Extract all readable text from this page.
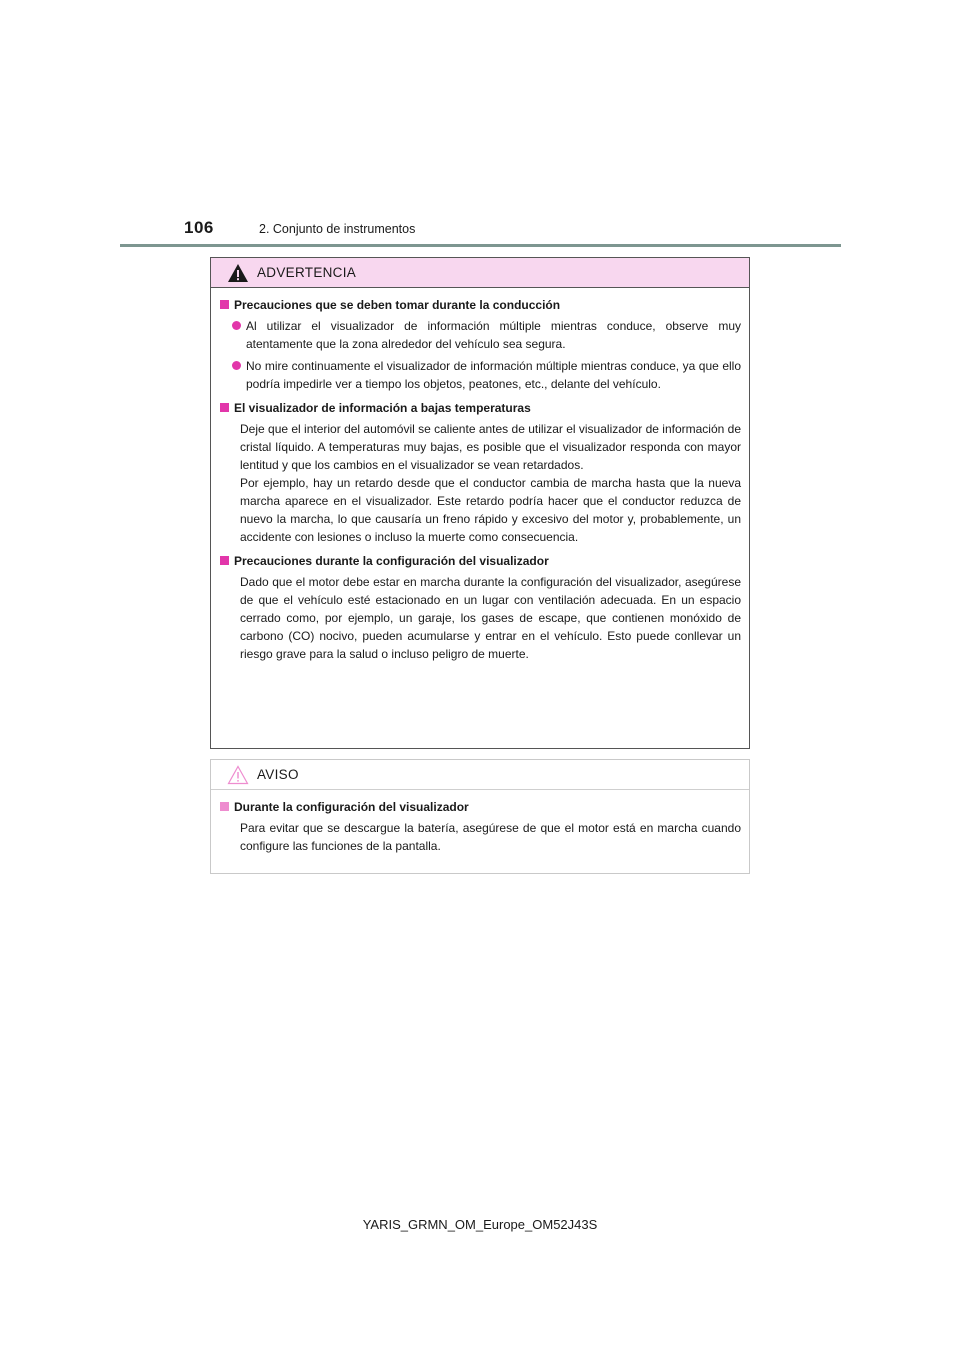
106	2. Conjunto de instrumentos
ADVERTENCIA
Precauciones que se deben tomar durante la conducción
Al utilizar el visualizador de información múltiple mientras conduce, observe muy atentamente que la zona alrededor del vehículo sea segura.
No mire continuamente el visualizador de información múltiple mientras conduce, ya que ello podría impedirle ver a tiempo los objetos, peatones, etc., delante del vehículo.
El visualizador de información a bajas temperaturas
Deje que el interior del automóvil se caliente antes de utilizar el visualizador de información de cristal líquido. A temperaturas muy bajas, es posible que el visualizador responda con mayor lentitud y que los cambios en el visualizador se vean retardados.
Por ejemplo, hay un retardo desde que el conductor cambia de marcha hasta que la nueva marcha aparece en el visualizador. Este retardo podría hacer que el conductor reduzca de nuevo la marcha, lo que causaría un freno rápido y excesivo del motor y, probablemente, un accidente con lesiones o incluso la muerte como consecuencia.
Precauciones durante la configuración del visualizador
Dado que el motor debe estar en marcha durante la configuración del visualizador, asegúrese de que el vehículo esté estacionado en un lugar con ventilación adecuada. En un espacio cerrado como, por ejemplo, un garaje, los gases de escape, que contienen monóxido de carbono (CO) nocivo, pueden acumularse y entrar en el vehículo. Esto puede conllevar un riesgo grave para la salud o incluso peligro de muerte.
AVISO
Durante la configuración del visualizador
Para evitar que se descargue la batería, asegúrese de que el motor está en marcha cuando configure las funciones de la pantalla.
YARIS_GRMN_OM_Europe_OM52J43S
